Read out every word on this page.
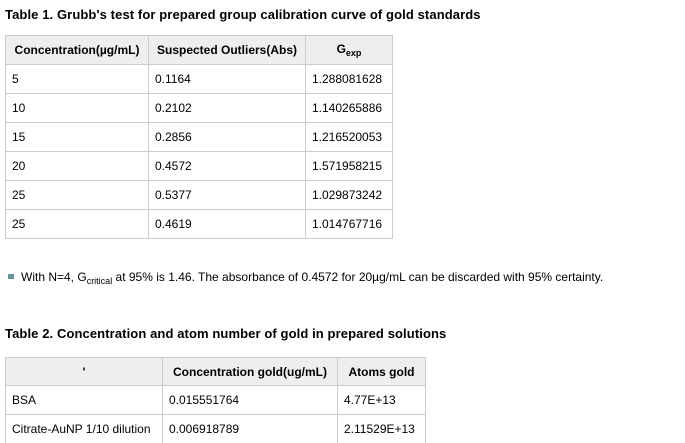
Table 1. Grubb's test for prepared group calibration curve of gold standards
Concentration(µg/mL)	Suspected Outliers(Abs)	$G_{exp}$
5	0.1164	1.288081628
10	0.2102	1.140265886
15	0.2856	1.216520053
20	0.4572	1.571958215
25	0.5377	1.029873242
25	0.4619	1.014767716
With N=4, $G_{critical}$ at 95% is 1.46. The absorbance of 0.4572 for 20µg/mL can be discarded with 95% certainty.
Table 2. Concentration and atom number of gold in prepared solutions
'	Concentration gold(ug/mL)	Atoms gold
BSA	0.015551764	4.77E+13
Citrate-AuNP 1/10 dilution	0.006918789	2.11529E+13
